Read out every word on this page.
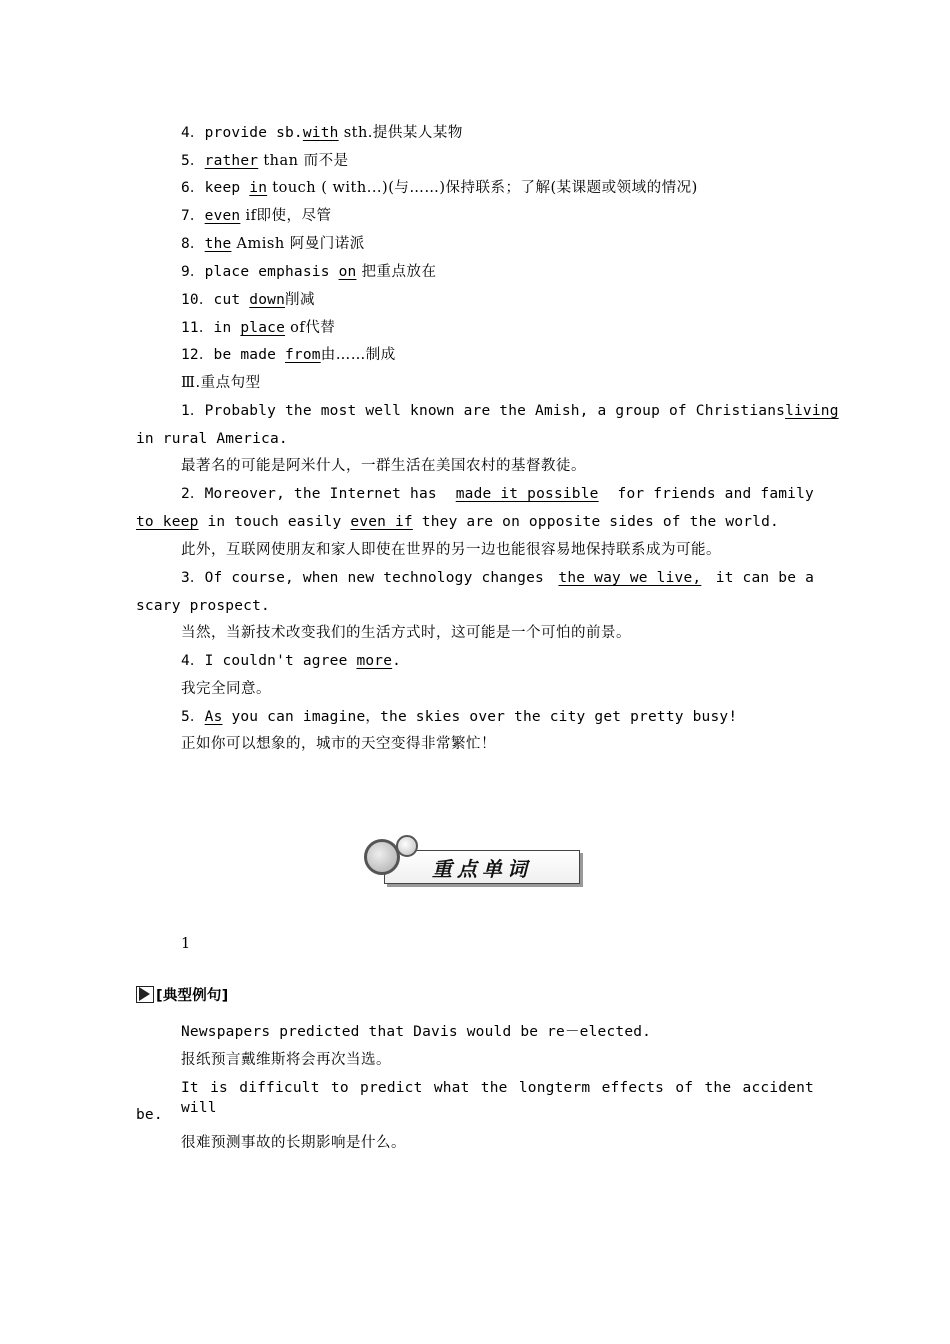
4．provide sb.with sth.提供某人某物

5．rather than 而不是

6．keep in touch ( with...)(与……)保持联系；了解(某课题或领域的情况)

7．even if即使，尽管

8．the Amish 阿曼门诺派

9．place emphasis on 把重点放在

10．cut down削减

11．in place of代替

12．be made from由……制成

Ⅲ.重点句型

1．Probably the most well known are the Amish, a group of Christians living

in rural America.

最著名的可能是阿米什人，一群生活在美国农村的基督教徒。

2．Moreover, the Internet has made it possible for friends and family

to keep in touch easily even if they are on opposite sides of the world.

此外，互联网使朋友和家人即使在世界的另一边也能很容易地保持联系成为可能。

3．Of course, when new technology changes the way we live, it can be a

scary prospect.

当然，当新技术改变我们的生活方式时，这可能是一个可怕的前景。

4．I couldn't agree more.

我完全同意。

5．As you can imagine，the skies over the city get pretty busy!

正如你可以想象的，城市的天空变得非常繁忙！

重点单词

1

[典型例句]

Newspapers predicted that Davis would be re－elected.

报纸预言戴维斯将会再次当选。

It is difficult to predict what the longterm effects of the accident will

be.

很难预测事故的长期影响是什么。
